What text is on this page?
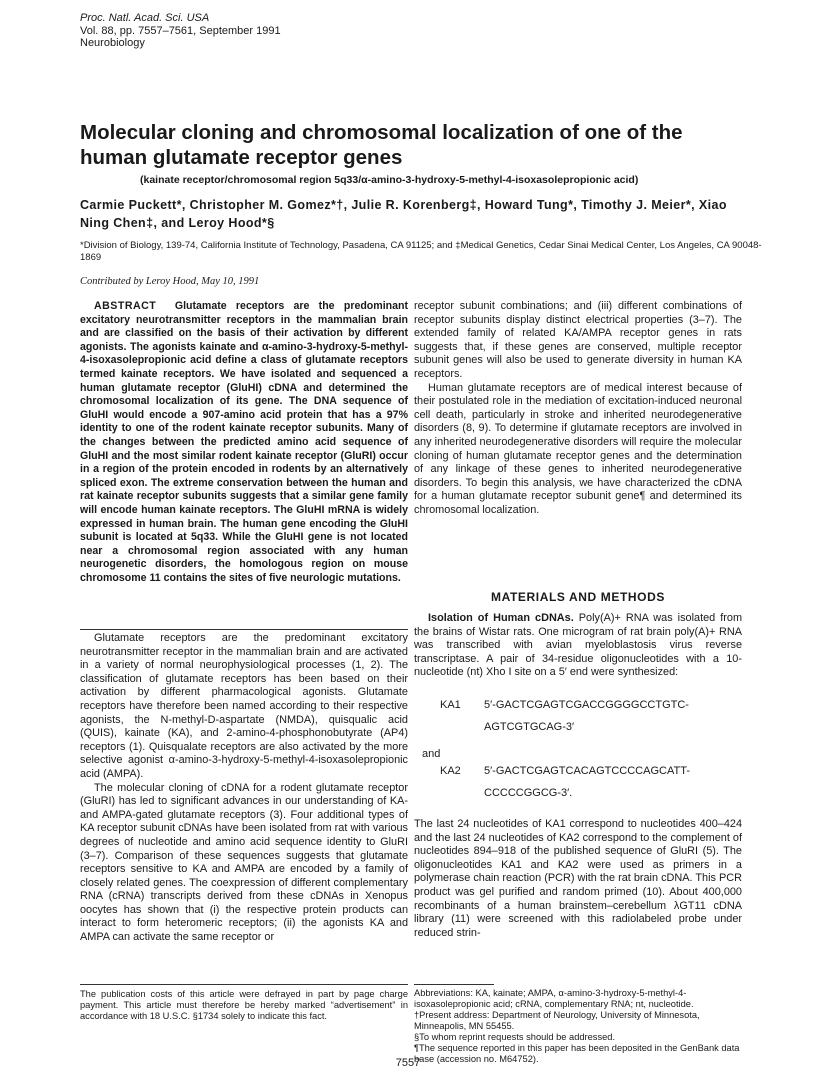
Proc. Natl. Acad. Sci. USA
Vol. 88, pp. 7557–7561, September 1991
Neurobiology
Molecular cloning and chromosomal localization of one of the human glutamate receptor genes
(kainate receptor/chromosomal region 5q33/α-amino-3-hydroxy-5-methyl-4-isoxasolepropionic acid)
Carmie Puckett*, Christopher M. Gomez*†, Julie R. Korenberg‡, Howard Tung*, Timothy J. Meier*, Xiao Ning Chen‡, and Leroy Hood*§
*Division of Biology, 139-74, California Institute of Technology, Pasadena, CA 91125; and ‡Medical Genetics, Cedar Sinai Medical Center, Los Angeles, CA 90048-1869
Contributed by Leroy Hood, May 10, 1991

ABSTRACT Glutamate receptors are the predominant excitatory neurotransmitter receptors in the mammalian brain and are classified on the basis of their activation by different agonists. The agonists kainate and α-amino-3-hydroxy-5-methyl-4-isoxasolepropionic acid define a class of glutamate receptors termed kainate receptors. We have isolated and sequenced a human glutamate receptor (GluHI) cDNA and determined the chromosomal localization of its gene. The DNA sequence of GluHI would encode a 907-amino acid protein that has a 97% identity to one of the rodent kainate receptor subunits. Many of the changes between the predicted amino acid sequence of GluHI and the most similar rodent kainate receptor (GluRI) occur in a region of the protein encoded in rodents by an alternatively spliced exon. The extreme conservation between the human and rat kainate receptor subunits suggests that a similar gene family will encode human kainate receptors. The GluHI mRNA is widely expressed in human brain. The human gene encoding the GluHI subunit is located at 5q33. While the GluHI gene is not located near a chromosomal region associated with any human neurogenetic disorders, the homologous region on mouse chromosome 11 contains the sites of five neurologic mutations.

Glutamate receptors are the predominant excitatory neurotransmitter receptor in the mammalian brain and are activated in a variety of normal neurophysiological processes (1, 2). The classification of glutamate receptors has been based on their activation by different pharmacological agonists. Glutamate receptors have therefore been named according to their respective agonists, the N-methyl-D-aspartate (NMDA), quisqualic acid (QUIS), kainate (KA), and 2-amino-4-phosphonobutyrate (AP4) receptors (1). Quisqualate receptors are also activated by the more selective agonist α-amino-3-hydroxy-5-methyl-4-isoxasolepropionic acid (AMPA).

The molecular cloning of cDNA for a rodent glutamate receptor (GluRI) has led to significant advances in our understanding of KA- and AMPA-gated glutamate receptors (3). Four additional types of KA receptor subunit cDNAs have been isolated from rat with various degrees of nucleotide and amino acid sequence identity to GluRI (3–7). Comparison of these sequences suggests that glutamate receptors sensitive to KA and AMPA are encoded by a family of closely related genes. The coexpression of different complementary RNA (cRNA) transcripts derived from these cDNAs in Xenopus oocytes has shown that (i) the respective protein products can interact to form heteromeric receptors; (ii) the agonists KA and AMPA can activate the same receptor or

receptor subunit combinations; and (iii) different combinations of receptor subunits display distinct electrical properties (3–7). The extended family of related KA/AMPA receptor genes in rats suggests that, if these genes are conserved, multiple receptor subunit genes will also be used to generate diversity in human KA receptors.

Human glutamate receptors are of medical interest because of their postulated role in the mediation of excitation-induced neuronal cell death, particularly in stroke and inherited neurodegenerative disorders (8, 9). To determine if glutamate receptors are involved in any inherited neurodegenerative disorders will require the molecular cloning of human glutamate receptor genes and the determination of any linkage of these genes to inherited neurodegenerative disorders. To begin this analysis, we have characterized the cDNA for a human glutamate receptor subunit gene¶ and determined its chromosomal localization.

MATERIALS AND METHODS

Isolation of Human cDNAs. Poly(A)+ RNA was isolated from the brains of Wistar rats. One microgram of rat brain poly(A)+ RNA was transcribed with avian myeloblastosis virus reverse transcriptase. A pair of 34-residue oligonucleotides with a 10-nucleotide (nt) Xho I site on a 5′ end were synthesized:

KA1 5′-GACTCGAGTCGACCGGGGCCTGTC-
AGTCGTGCAG-3′
and
KA2 5′-GACTCGAGTCACAGTCCCCAGCATT-
CCCCCGGCG-3′.
The last 24 nucleotides of KA1 correspond to nucleotides 400–424 and the last 24 nucleotides of KA2 correspond to the complement of nucleotides 894–918 of the published sequence of GluRI (5). The oligonucleotides KA1 and KA2 were used as primers in a polymerase chain reaction (PCR) with the rat brain cDNA. This PCR product was gel purified and random primed (10). About 400,000 recombinants of a human brainstem–cerebellum λGT11 cDNA library (11) were screened with this radiolabeled probe under reduced strin-

Abbreviations: KA, kainate; AMPA, α-amino-3-hydroxy-5-methyl-4-isoxasolepropionic acid; cRNA, complementary RNA; nt, nucleotide.

†Present address: Department of Neurology, University of Minnesota, Minneapolis, MN 55455.

§To whom reprint requests should be addressed.

¶The sequence reported in this paper has been deposited in the GenBank data base (accession no. M64752).

The publication costs of this article were defrayed in part by page charge payment. This article must therefore be hereby marked “advertisement” in accordance with 18 U.S.C. §1734 solely to indicate this fact.
7557
